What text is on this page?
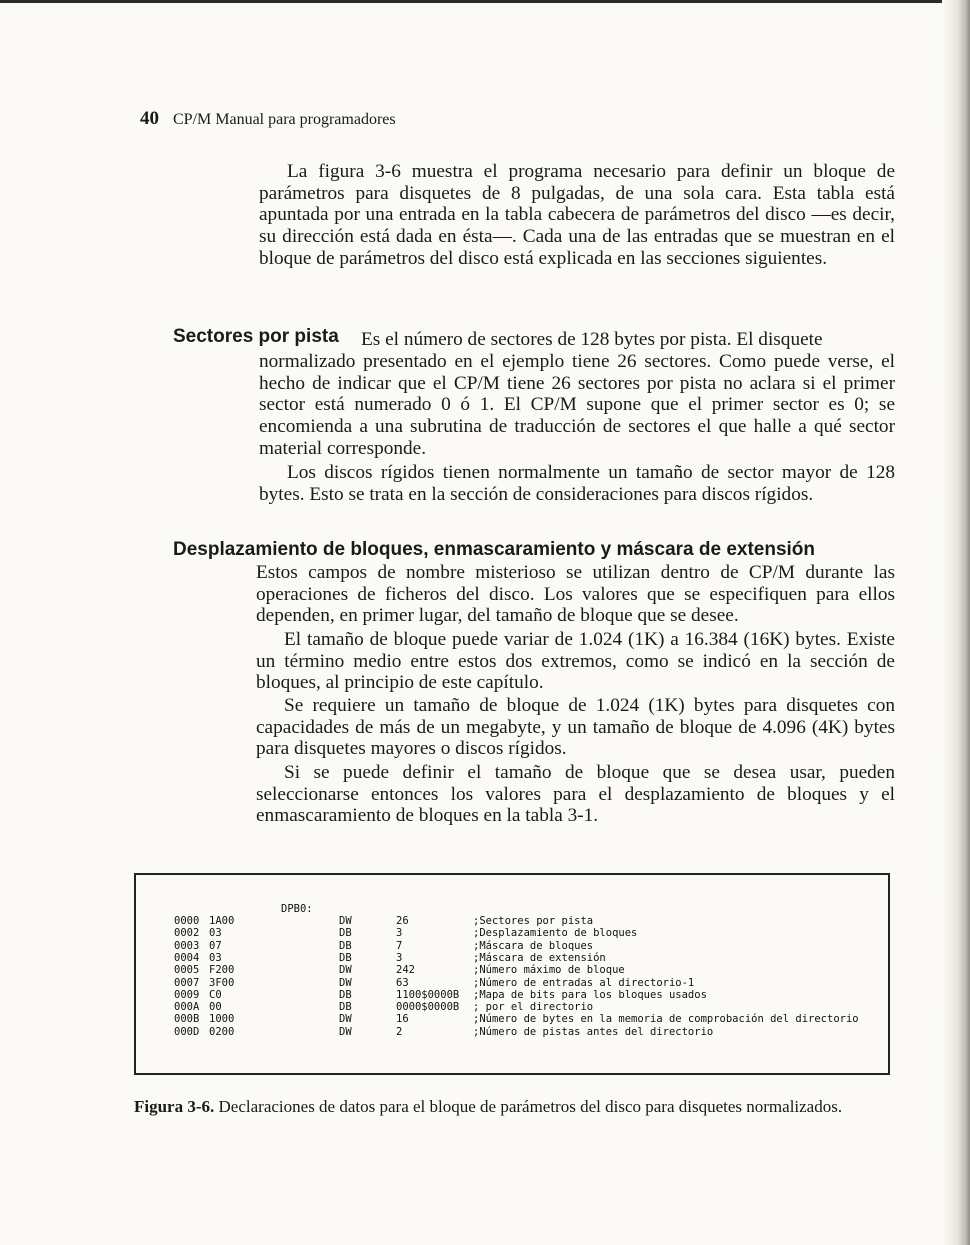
40 CP/M Manual para programadores

La figura 3-6 muestra el programa necesario para definir un bloque de parámetros para disquetes de 8 pulgadas, de una sola cara. Esta tabla está apuntada por una entrada en la tabla cabecera de parámetros del disco —es decir, su dirección está dada en ésta—. Cada una de las entradas que se muestran en el bloque de parámetros del disco está explicada en las secciones siguientes.

Sectores por pista Es el número de sectores de 128 bytes por pista. El disquete

normalizado presentado en el ejemplo tiene 26 sectores. Como puede verse, el hecho de indicar que el CP/M tiene 26 sectores por pista no aclara si el primer sector está numerado 0 ó 1. El CP/M supone que el primer sector es 0; se encomienda a una subrutina de traducción de sectores el que halle a qué sector material corresponde.

Los discos rígidos tienen normalmente un tamaño de sector mayor de 128 bytes. Esto se trata en la sección de consideraciones para discos rígidos.

Desplazamiento de bloques, enmascaramiento y máscara de extensión

Estos campos de nombre misterioso se utilizan dentro de CP/M durante las operaciones de ficheros del disco. Los valores que se especifiquen para ellos dependen, en primer lugar, del tamaño de bloque que se desee.

El tamaño de bloque puede variar de 1.024 (1K) a 16.384 (16K) bytes. Existe un término medio entre estos dos extremos, como se indicó en la sección de bloques, al principio de este capítulo.

Se requiere un tamaño de bloque de 1.024 (1K) bytes para disquetes con capacidades de más de un megabyte, y un tamaño de bloque de 4.096 (4K) bytes para disquetes mayores o discos rígidos.

Si se puede definir el tamaño de bloque que se desea usar, pueden seleccionarse entonces los valores para el desplazamiento de bloques y el enmascaramiento de bloques en la tabla 3-1.

DPB0:
0000 1A00	DW	26	;Sectores por pista
0002 03	DB	3	;Desplazamiento de bloques
0003 07	DB	7	;Máscara de bloques
0004 03	DB	3	;Máscara de extensión
0005 F200	DW	242	;Número máximo de bloque
0007 3F00	DW	63	;Número de entradas al directorio-1
0009 C0	DB	1100$0000B ;Mapa de bits para los bloques usados
000A 00	DB	0000$0000B ; por el directorio
000B 1000	DW	16	;Número de bytes en la memoria de comprobación del directorio
000D 0200	DW	2	;Número de pistas antes del directorio

Figura 3-6. Declaraciones de datos para el bloque de parámetros del disco para disquetes normalizados.
